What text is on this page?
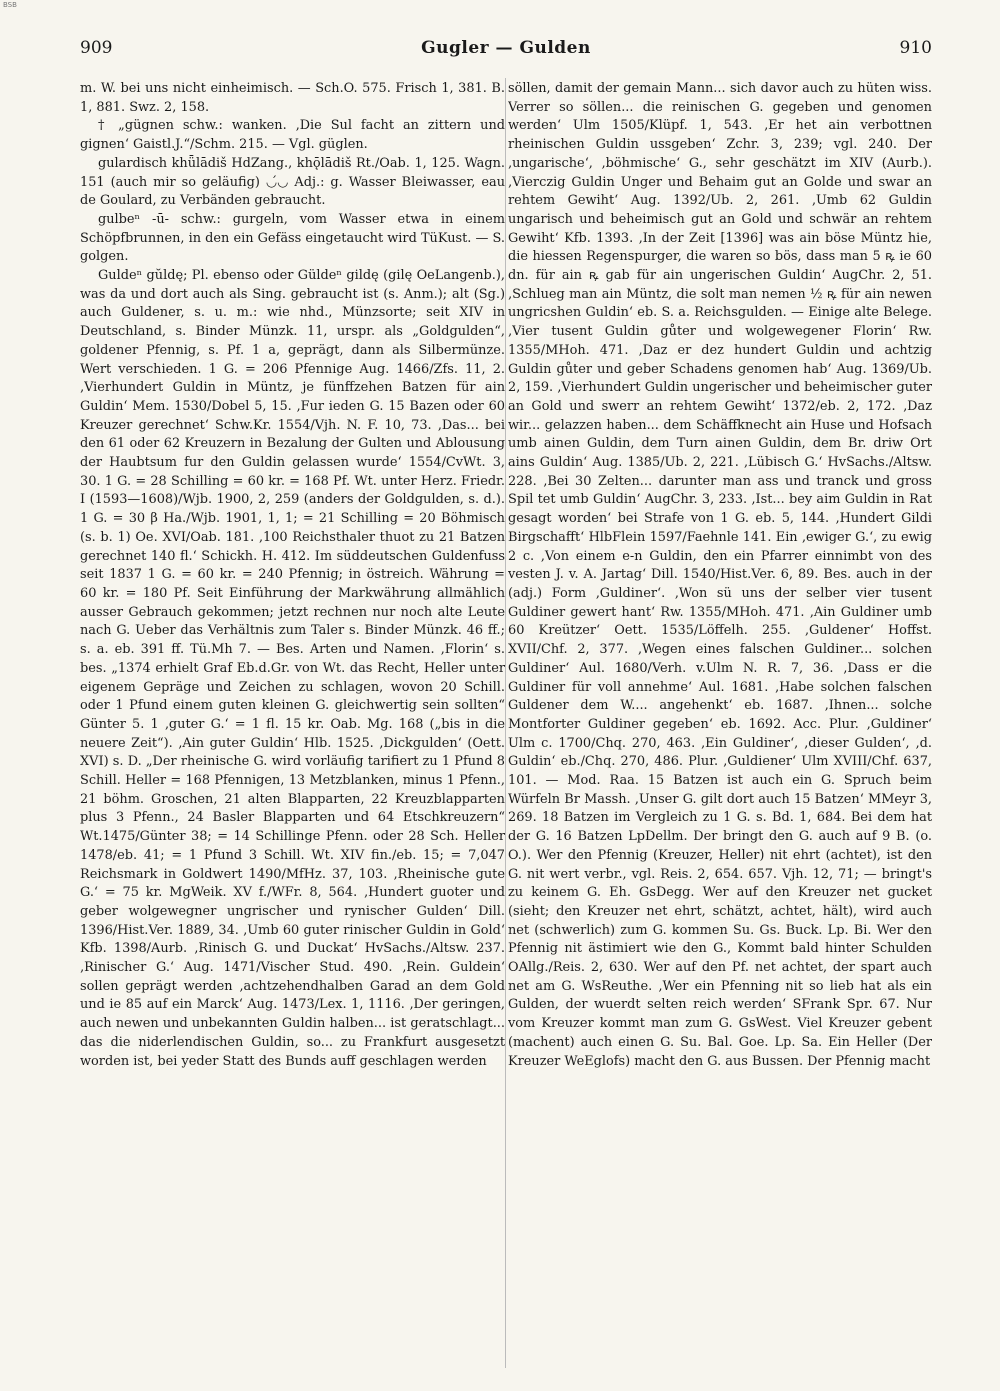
BSB
909	Gugler — Gulden	910

m. W. bei uns nicht einheimisch. — Sch.O. 575. Frisch 1, 381. B. 1, 881. Swz. 2, 158.

† „gügnen schw.: wanken. ‚Die Sul facht an zittern und gignen‘ Gaistl.J.“/Schm. 215. — Vgl. güglen.

gulardisch khǖlādiš HdZang., khǭlādiš Rt./Oab. 1, 125. Wagn. 151 (auch mir so geläufig) ◡́◡ Adj.: g. Wasser Bleiwasser, eau de Goulard, zu Verbänden gebraucht.

gulbeⁿ -ū- schw.: gurgeln, vom Wasser etwa in einem Schöpfbrunnen, in den ein Gefäss eingetaucht wird TüKust. — S. golgen.

Guldeⁿ gŭldę; Pl. ebenso oder Güldeⁿ gildę (gilę OeLangenb.), was da und dort auch als Sing. gebraucht ist (s. Anm.); alt (Sg.) auch Guldener, s. u. m.: wie nhd., Münzsorte; seit XIV in Deutschland, s. Binder Münzk. 11, urspr. als „Goldgulden“, goldener Pfennig, s. Pf. 1 a, geprägt, dann als Silbermünze. Wert verschieden. 1 G. = 206 Pfennige Aug. 1466/Zfs. 11, 2. ‚Vierhundert Guldin in Müntz, je fünffzehen Batzen für ain Guldin‘ Mem. 1530/Dobel 5, 15. ‚Fur ieden G. 15 Bazen oder 60 Kreuzer gerechnet‘ Schw.Kr. 1554/Vjh. N. F. 10, 73. ‚Das... bei den 61 oder 62 Kreuzern in Bezalung der Gulten und Ablousung der Haubtsum fur den Guldin gelassen wurde‘ 1554/CvWt. 3, 30. 1 G. = 28 Schilling = 60 kr. = 168 Pf. Wt. unter Herz. Friedr. I (1593—1608)/Wjb. 1900, 2, 259 (anders der Goldgulden, s. d.). 1 G. = 30 β Ha./Wjb. 1901, 1, 1; = 21 Schilling = 20 Böhmisch (s. b. 1) Oe. XVI/Oab. 181. ‚100 Reichsthaler thuot zu 21 Batzen gerechnet 140 fl.‘ Schickh. H. 412. Im süddeutschen Guldenfuss seit 1837 1 G. = 60 kr. = 240 Pfennig; in östreich. Währung = 60 kr. = 180 Pf. Seit Einführung der Markwährung allmählich ausser Gebrauch gekommen; jetzt rechnen nur noch alte Leute nach G. Ueber das Verhältnis zum Taler s. Binder Münzk. 46 ff.; s. a. eb. 391 ff. Tü.Mh 7. — Bes. Arten und Namen. ‚Florin‘ s. bes. „1374 erhielt Graf Eb.d.Gr. von Wt. das Recht, Heller unter eigenem Gepräge und Zeichen zu schlagen, wovon 20 Schill. oder 1 Pfund einem guten kleinen G. gleichwertig sein sollten“ Günter 5. 1 ‚guter G.‘ = 1 fl. 15 kr. Oab. Mg. 168 („bis in die neuere Zeit“). ‚Ain guter Guldin‘ Hlb. 1525. ‚Dickgulden‘ (Oett. XVI) s. D. „Der rheinische G. wird vorläufig tarifiert zu 1 Pfund 8 Schill. Heller = 168 Pfennigen, 13 Metzblanken, minus 1 Pfenn., 21 böhm. Groschen, 21 alten Blapparten, 22 Kreuzblapparten plus 3 Pfenn., 24 Basler Blapparten und 64 Etschkreuzern“ Wt.1475/Günter 38; = 14 Schillinge Pfenn. oder 28 Sch. Heller 1478/eb. 41; = 1 Pfund 3 Schill. Wt. XIV fin./eb. 15; = 7,047 Reichsmark in Goldwert 1490/MfHz. 37, 103. ‚Rheinische gute G.‘ = 75 kr. MgWeik. XV f./WFr. 8, 564. ‚Hundert guoter und geber wolgewegner ungrischer und rynischer Gulden‘ Dill. 1396/Hist.Ver. 1889, 34. ‚Umb 60 guter rinischer Guldin in Gold‘ Kfb. 1398/Aurb. ‚Rinisch G. und Duckat‘ HvSachs./Altsw. 237. ‚Rinischer G.‘ Aug. 1471/Vischer Stud. 490. ‚Rein. Guldein‘ sollen geprägt werden ‚achtzehendhalben Garad an dem Gold und ie 85 auf ein Marck‘ Aug. 1473/Lex. 1, 1116. ‚Der geringen, auch newen und unbekannten Guldin halben... ist geratschlagt... das die niderlendischen Guldin, so... zu Frankfurt ausgesetzt worden ist, bei yeder Statt des Bunds auff geschlagen werden

söllen, damit der gemain Mann... sich davor auch zu hüten wiss. Verrer so söllen... die reinischen G. gegeben und genomen werden‘ Ulm 1505/Klüpf. 1, 543. ‚Er het ain verbottnen rheinischen Guldin ussgeben‘ Zchr. 3, 239; vgl. 240. Der ‚ungarische‘, ‚böhmische‘ G., sehr geschätzt im XIV (Aurb.). ‚Vierczig Guldin Unger und Behaim gut an Golde und swar an rehtem Gewiht‘ Aug. 1392/Ub. 2, 261. ‚Umb 62 Guldin ungarisch und beheimisch gut an Gold und schwär an rehtem Gewiht‘ Kfb. 1393. ‚In der Zeit [1396] was ain böse Müntz hie, die hiessen Regenspurger, die waren so bös, dass man 5 ꝶ ie 60 dn. für ain ꝶ gab für ain ungerischen Guldin‘ AugChr. 2, 51. ‚Schlueg man ain Müntz, die solt man nemen ½ ꝶ für ain newen ungricshen Guldin‘ eb. S. a. Reichsgulden. — Einige alte Belege. ‚Vier tusent Guldin gůter und wolgewegener Florin‘ Rw. 1355/MHoh. 471. ‚Daz er dez hundert Guldin und achtzig Guldin gůter und geber Schadens genomen hab‘ Aug. 1369/Ub. 2, 159. ‚Vierhundert Guldin ungerischer und beheimischer guter an Gold und swerr an rehtem Gewiht‘ 1372/eb. 2, 172. ‚Daz wir... gelazzen haben... dem Schäffknecht ain Huse und Hofsach umb ainen Guldin, dem Turn ainen Guldin, dem Br. driw Ort ains Guldin‘ Aug. 1385/Ub. 2, 221. ‚Lübisch G.‘ HvSachs./Altsw. 228. ‚Bei 30 Zelten... darunter man ass und tranck und gross Spil tet umb Guldin‘ AugChr. 3, 233. ‚Ist... bey aim Guldin in Rat gesagt worden‘ bei Strafe von 1 G. eb. 5, 144. ‚Hundert Gildi Birgschafft‘ HlbFlein 1597/Faehnle 141. Ein ‚ewiger G.‘, zu ewig 2 c. ‚Von einem e-n Guldin, den ein Pfarrer einnimbt von des vesten J. v. A. Jartag‘ Dill. 1540/Hist.Ver. 6, 89. Bes. auch in der (adj.) Form ‚Guldiner‘. ‚Won sü uns der selber vier tusent Guldiner gewert hant‘ Rw. 1355/MHoh. 471. ‚Ain Guldiner umb 60 Kreützer‘ Oett. 1535/Löffelh. 255. ‚Guldener‘ Hoffst. XVII/Chf. 2, 377. ‚Wegen eines falschen Guldiner... solchen Guldiner‘ Aul. 1680/Verh. v.Ulm N. R. 7, 36. ‚Dass er die Guldiner für voll annehme‘ Aul. 1681. ‚Habe solchen falschen Guldener dem W.... angehenkt‘ eb. 1687. ‚Ihnen... solche Montforter Guldiner gegeben‘ eb. 1692. Acc. Plur. ‚Guldiner‘ Ulm c. 1700/Chq. 270, 463. ‚Ein Guldiner‘, ‚dieser Gulden‘, ‚d. Guldin‘ eb./Chq. 270, 486. Plur. ‚Guldiener‘ Ulm XVIII/Chf. 637, 101. — Mod. Raa. 15 Batzen ist auch ein G. Spruch beim Würfeln Br Massh. ‚Unser G. gilt dort auch 15 Batzen‘ MMeyr 3, 269. 18 Batzen im Vergleich zu 1 G. s. Bd. 1, 684. Bei dem hat der G. 16 Batzen LpDellm. Der bringt den G. auch auf 9 B. (o. O.). Wer den Pfennig (Kreuzer, Heller) nit ehrt (achtet), ist den G. nit wert verbr., vgl. Reis. 2, 654. 657. Vjh. 12, 71; — bringt's zu keinem G. Eh. GsDegg. Wer auf den Kreuzer net gucket (sieht; den Kreuzer net ehrt, schätzt, achtet, hält), wird auch net (schwerlich) zum G. kommen Su. Gs. Buck. Lp. Bi. Wer den Pfennig nit ästimiert wie den G., Kommt bald hinter Schulden OAllg./Reis. 2, 630. Wer auf den Pf. net achtet, der spart auch net am G. WsReuthe. ‚Wer ein Pfenning nit so lieb hat als ein Gulden, der wuerdt selten reich werden‘ SFrank Spr. 67. Nur vom Kreuzer kommt man zum G. GsWest. Viel Kreuzer gebent (machent) auch einen G. Su. Bal. Goe. Lp. Sa. Ein Heller (Der Kreuzer WeEglofs) macht den G. aus Bussen. Der Pfennig macht
